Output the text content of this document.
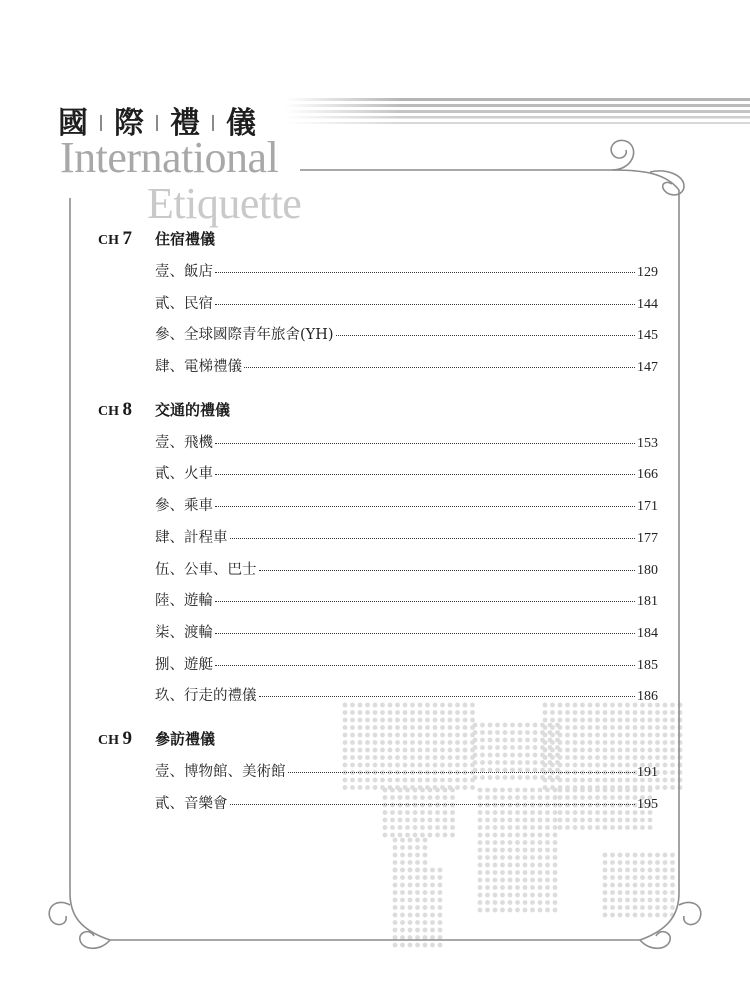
國 際 禮 儀
International
Etiquette
CH 7	住宿禮儀
壹、飯店	129
貳、民宿	144
參、全球國際青年旅舍(YH)	145
肆、電梯禮儀	147
CH 8	交通的禮儀
壹、飛機	153
貳、火車	166
參、乘車	171
肆、計程車	177
伍、公車、巴士	180
陸、遊輪	181
柒、渡輪	184
捌、遊艇	185
玖、行走的禮儀	186
CH 9	參訪禮儀
壹、博物館、美術館	191
貳、音樂會	195
